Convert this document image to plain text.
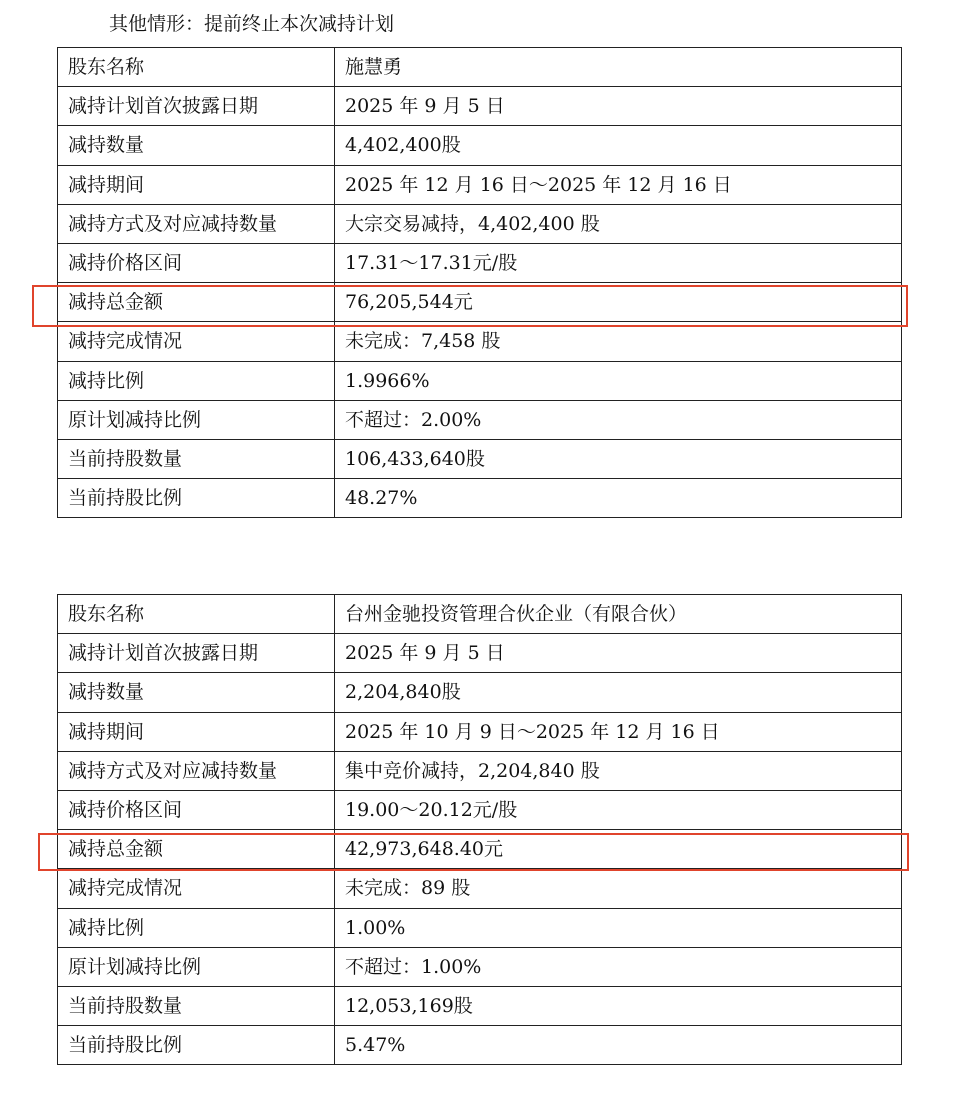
其他情形：提前终止本次减持计划
股东名称	施慧勇
减持计划首次披露日期	2025 年 9 月 5 日
减持数量	4,402,400股
减持期间	2025 年 12 月 16 日～2025 年 12 月 16 日
减持方式及对应减持数量	大宗交易减持，4,402,400 股
减持价格区间	17.31～17.31元/股
减持总金额	76,205,544元
减持完成情况	未完成：7,458 股
减持比例	1.9966%
原计划减持比例	不超过：2.00%
当前持股数量	106,433,640股
当前持股比例	48.27%
股东名称	台州金驰投资管理合伙企业（有限合伙）
减持计划首次披露日期	2025 年 9 月 5 日
减持数量	2,204,840股
减持期间	2025 年 10 月 9 日～2025 年 12 月 16 日
减持方式及对应减持数量	集中竞价减持，2,204,840 股
减持价格区间	19.00～20.12元/股
减持总金额	42,973,648.40元
减持完成情况	未完成：89 股
减持比例	1.00%
原计划减持比例	不超过：1.00%
当前持股数量	12,053,169股
当前持股比例	5.47%
